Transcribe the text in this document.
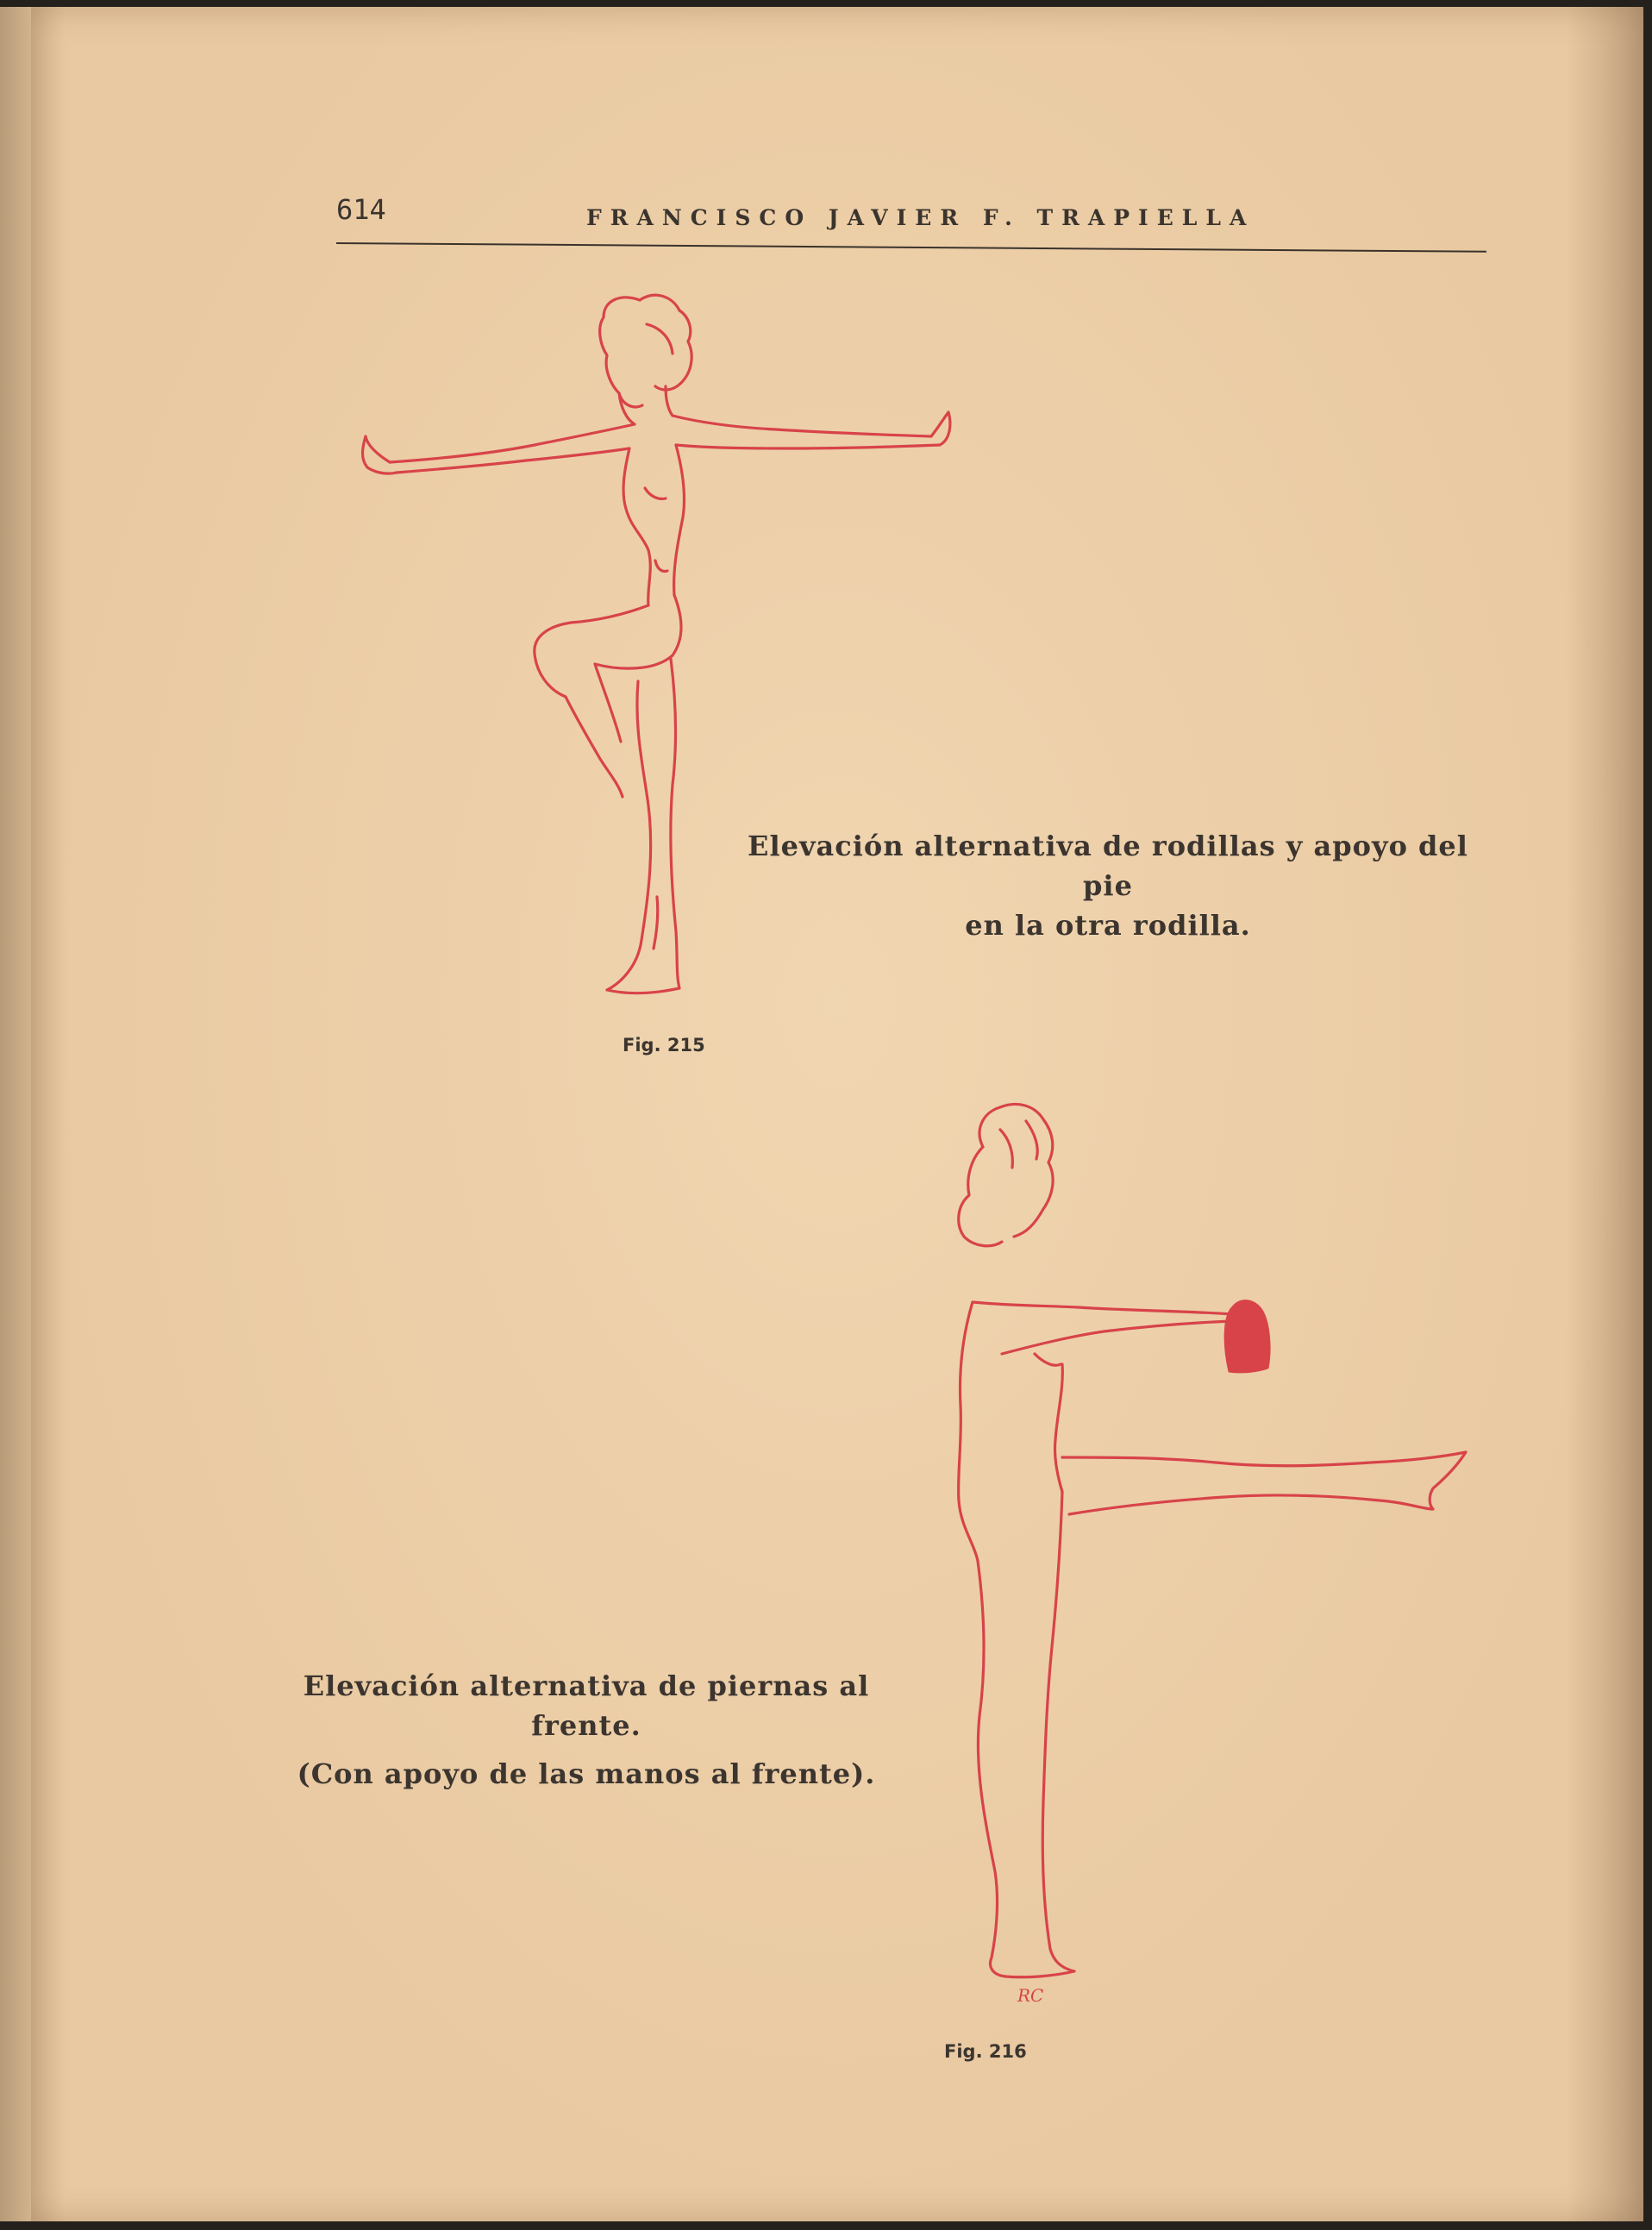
614	FRANCISCO JAVIER F. TRAPIELLA
Elevación alternativa de rodillas y apoyo del pie
en la otra rodilla.
Fig. 215
Elevación alternativa de piernas al
frente.
(Con apoyo de las manos al frente).
RC
Fig. 216
